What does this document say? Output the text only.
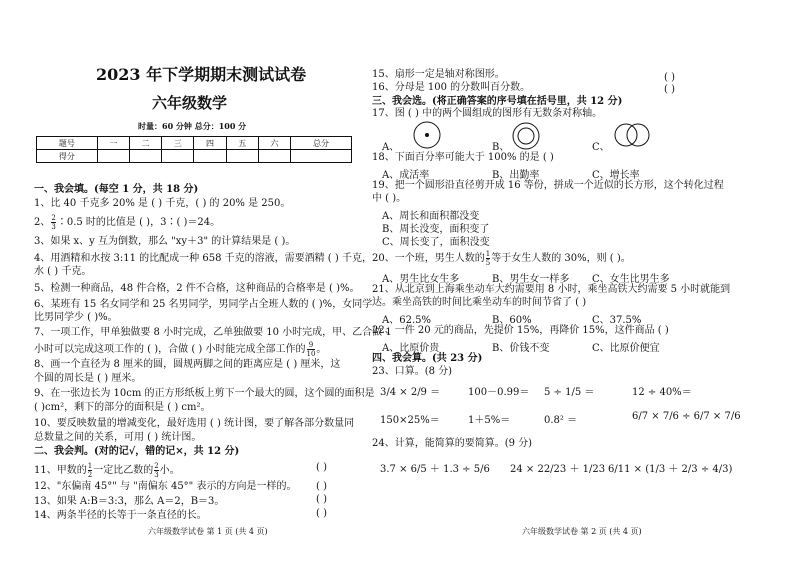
2023 年下学期期末测试试卷
六年级数学
时量：60 分钟 总分：100 分
题号	一	二	三	四	五	六	总分
得分							
一、我会填。(每空 1 分，共 18 分)
1、比 40 千克多 20% 是 ( ) 千克，( ) 的 20% 是 250。
2、 $\frac{2}{3}$ ∶0.5 时的比值是 ( )，3∶( )＝24。
3、如果 x、y 互为倒数，那么 "xy＋3" 的计算结果是 ( )。
4、用酒精和水按 3:11 的比配成一种 658 千克的溶液，需要酒精 ( ) 千克，
水 ( ) 千克。
5、检测一种商品，48 件合格，2 件不合格，这种商品的合格率是 ( )%。
6、某班有 15 名女同学和 25 名男同学，男同学占全班人数的 ( )%，女同学
比男同学少 ( )%。
7、一项工作，甲单独做要 8 小时完成，乙单独做要 10 小时完成，甲、乙合做 1
小时可以完成这项工作的 ( )，合做 ( ) 小时能完成全部工作的 $\frac{9}{10}$ 。
8、画一个直径为 8 厘米的圆，圆规两脚之间的距离应是 ( ) 厘米，这
个圆的周长是 ( ) 厘米。
9、在一张边长为 10cm 的正方形纸板上剪下一个最大的圆，这个圆的面积是
( )cm²，剩下的部分的面积是 ( ) cm²。
10、要反映数量的增减变化，最好选用 ( ) 统计图，要了解各部分数量同
总数量之间的关系，可用 ( ) 统计图。
二、我会判。(对的记√，错的记×，共 12 分)
11、甲数的 $\frac{1}{2}$ 一定比乙数的 $\frac{2}{3}$ 小。	( )
12、"东偏南 45°" 与 "南偏东 45°" 表示的方向是一样的。 ( )
13、如果 A:B＝3:3，那么 A＝2，B＝3。	( )
14、两条半径的长等于一条直径的长。	( )
六年级数学试卷 第 1 页 (共 4 页)
15、扇形一定是轴对称图形。	( )
16、分母是 100 的分数叫百分数。	( )
三、我会选。(将正确答案的序号填在括号里，共 12 分)
17、图 ( ) 中的两个圆组成的图形有无数条对称轴。
A、	B、	C、
18、下面百分率可能大于 100% 的是 ( )
A、成活率	B、出勤率	C、增长率
19、把一个圆形沿直径剪开成 16 等份，拼成一个近似的长方形，这个转化过程
中 ( )。
A、周长和面积都没变
B、周长没变，面积变了
C、周长变了，面积没变
20、一个班，男生人数的 $\frac{1}{5}$ 等于女生人数的 30%，则 ( )。
A、男生比女生多	B、男生女一样多 C、女生比男生多
21、从北京到上海乘坐动车大约需要用 8 小时，乘坐高铁大约需要 5 小时就能到
达。乘坐高铁的时间比乘坐动车的时间节省了 ( )
A、62.5%	B、60%	C、37.5%
22、一件 20 元的商品，先提价 15%，再降价 15%，这件商品 ( )
A、比原价贵	B、价钱不变	C、比原价便宜
四、我会算。(共 23 分)
23、口算。(8 分)
3/4 × 2/9 ＝	100－0.99＝ 5 ÷ 1/5 ＝	12 ÷ 40%＝
150×25%＝	1＋5%＝	0.8² ＝	6/7 × 7/6 ÷ 6/7 × 7/6
24、计算，能简算的要简算。(9 分)
3.7 × 6/5 ＋ 1.3 ÷ 5/6 24 × 22/23 ＋ 1/23 6/11 × (1/3 ＋ 2/3 ÷ 4/3)
六年级数学试卷 第 2 页 (共 4 页)
